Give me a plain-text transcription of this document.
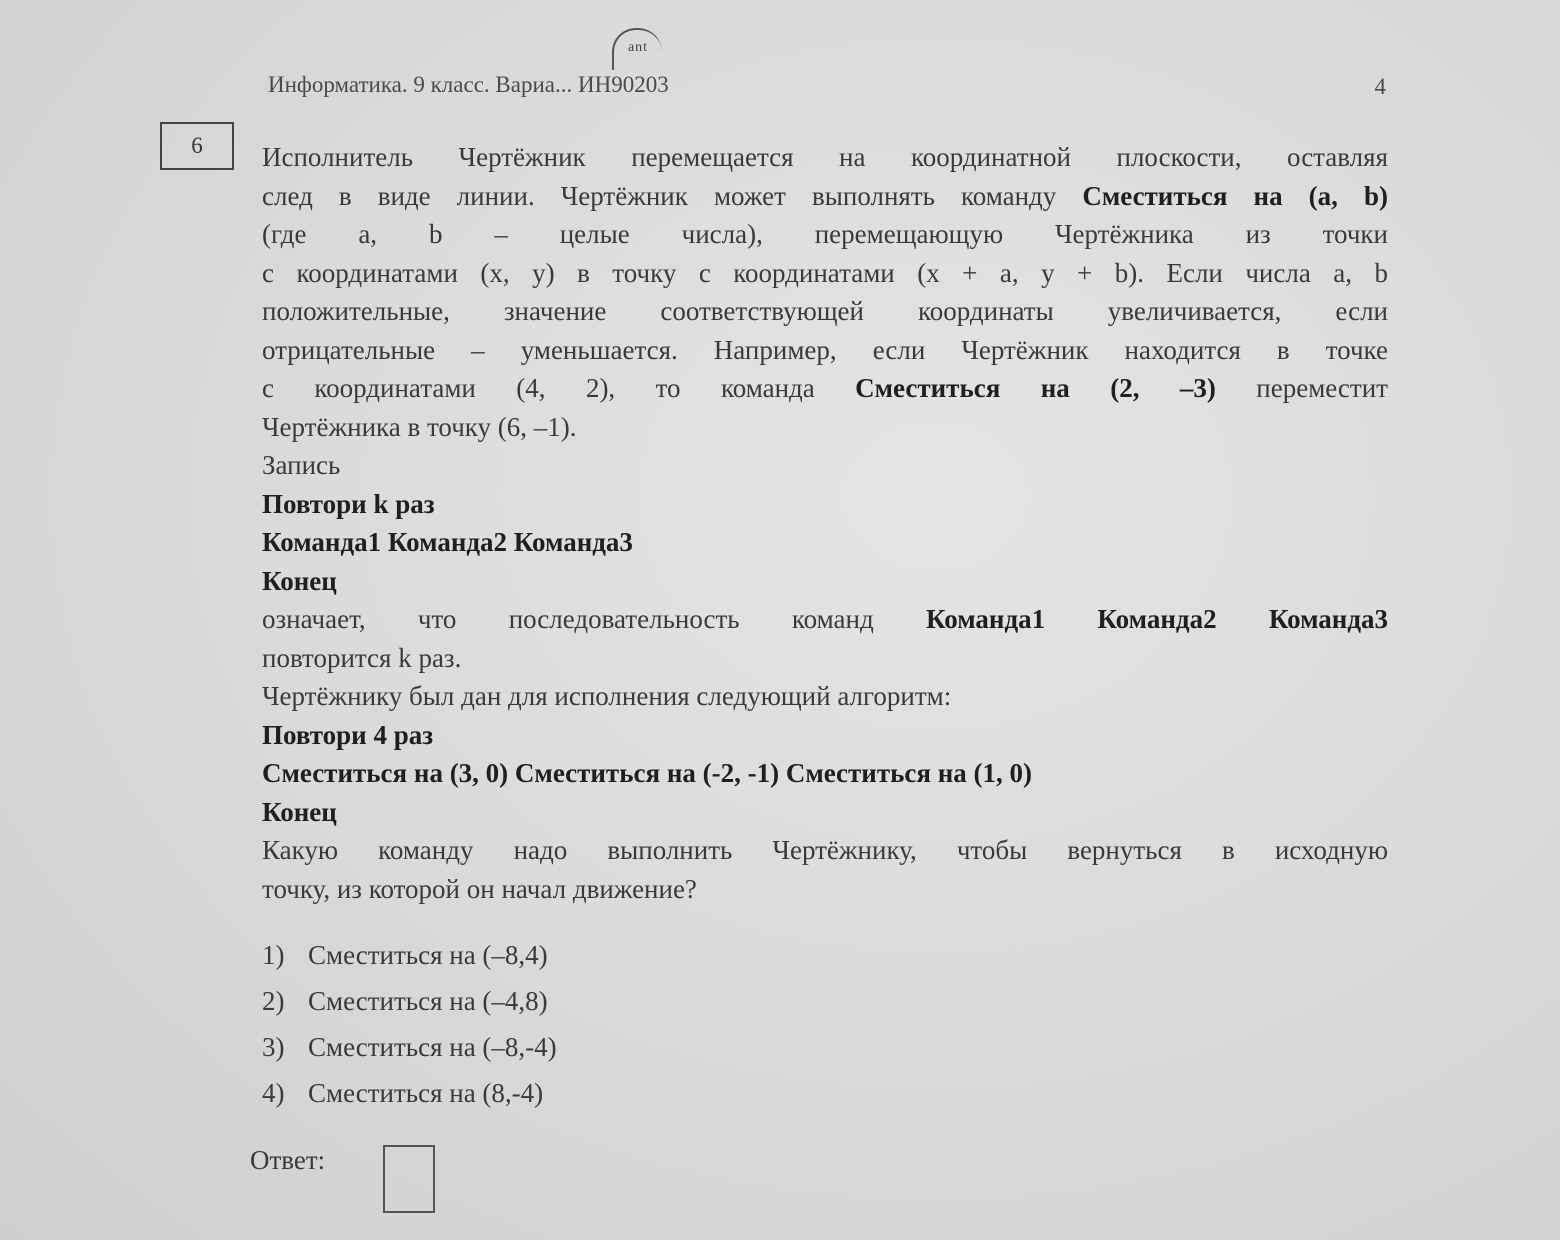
ant
Информатика. 9 класс. Вариа... ИН90203	4
6	Исполнитель Чертёжник перемещается на координатной плоскости, оставляя
след в виде линии. Чертёжник может выполнять команду Сместиться на (a, b)
(где a, b – целые числа), перемещающую Чертёжника из точки
с координатами (x, y) в точку с координатами (x + a, y + b). Если числа a, b
положительные, значение соответствующей координаты увеличивается, если
отрицательные – уменьшается. Например, если Чертёжник находится в точке
с координатами (4, 2), то команда Сместиться на (2, –3) переместит
Чертёжника в точку (6, –1).
Запись
Повтори k раз
Команда1 Команда2 Команда3
Конец
означает, что последовательность команд Команда1 Команда2 Команда3
повторится k раз.
Чертёжнику был дан для исполнения следующий алгоритм:
Повтори 4 раз
Сместиться на (3, 0) Сместиться на (-2, -1) Сместиться на (1, 0)
Конец
Какую команду надо выполнить Чертёжнику, чтобы вернуться в исходную
точку, из которой он начал движение?
1) Сместиться на (–8,4)
2) Сместиться на (–4,8)
3) Сместиться на (–8,-4)
4) Сместиться на (8,-4)
Ответ:
